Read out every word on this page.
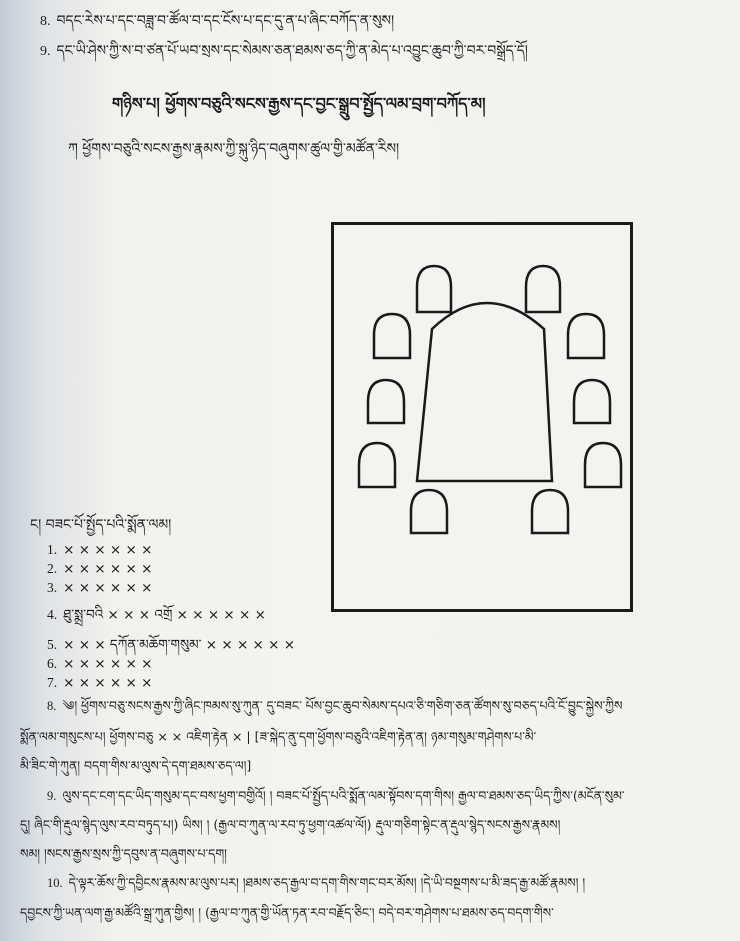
8. བདང་རེས་པ་དང་བཟླ་བ་ཚོལ་བ་དང་ངོས་པ་དང་དུ་ན་པ་ཞིང་བཀོད་ན་སུས།
9. དང་ཡི་ཤེས་ཀྱི་ས་བ་ཙན་པོ་ཡབ་སྲས་དང་སེམས་ཅན་ཐམས་ཅད་ཀྱི་ན་མེད་པ་འབྱུང་ཆུབ་ཀྱི་བར་བསྒྲོད་དོ།
གཉིས་པ། ཕྱོགས་བཅུའི་སངས་རྒྱས་དང་བྱང་སྒྲུབ་སྤྱོད་ལམ་བྲག་བཀོད་མ།
ཀ ཕྱོགས་བཅུའི་སངས་རྒྱས་རྣམས་ཀྱི་སྐུ་ཉིད་བཞུགས་ཚུལ་གྱི་མཚོན་རིས།
ང། བཟང་པོ་སྤྱོད་པའི་སྨོན་ལམ།
1. × × × × × ×
2. × × × × × ×
3. × × × × × ×
4. ཐུ་སྨྲ་བའི × × × འགྲོ × × × × × ×
5. × × × དཀོན་མཆོག་གསུམ་ × × × × × ×
6. × × × × × ×
7. × × × × × ×
8. ༄། ཕྱོགས་བཅུ་སངས་རྒྱས་ཀྱི་ཞིང་ཁམས་སུ་ཀུན་ དུ་བཟང་ པོས་བྱང་ཆུབ་སེམས་དཔའ་ཅི་གཅིག་ཅན་ཚོགས་སུ་བཅད་པའི་ངོ་བྱུང་སྐྱེས་ཀྱིས
སྨོན་ལམ་གསུངས་པ། ཕྱོགས་བཅུ × × འཇིག་རྟེན × | [ཟ་སྐེད་ནུ་དག་ཕྱོགས་བཅུའི་འཇིག་རྟེན་ན། ཉམ་གསུམ་གཤེགས་པ་མི་
མི་ཟིང་གེ་ཀུན། བདག་གིས་མ་ལུས་དེ་དག་ཐམས་ཅད་ལ།]
9. ལུས་དང་ངག་དང་ཡིད་གསུམ་དང་བས་ཕྱག་བགྱིའོ། ། བཟང་པོ་སྤྱོད་པའི་སྨོན་ལམ་སྟོབས་དག་གིས། རྒྱལ་བ་ཐམས་ཅད་ཡིད་ཀྱིས་(མངོན་སུམ་
དུ། ཞིང་གི་རྡུལ་སྙེད་ལུས་རབ་བཏུད་པ།) ཡིས། ། (རྒྱལ་བ་ཀུན་ལ་རབ་ཏུ་ཕྱག་འཚལ་ལོ།) རྡུལ་གཅིག་སྟེང་ན་རྡུལ་སྙེད་སངས་རྒྱས་རྣམས།
སམ། །སངས་རྒྱས་སྲས་ཀྱི་དབུས་ན་བཞུགས་པ་དག།
10. དེ་ལྟར་ཆོས་ཀྱི་དབྱིངས་རྣམས་མ་ལུས་པར། །ཐམས་ཅད་རྒྱལ་བ་དག་གིས་གང་བར་མོས། །དེ་ཡི་བསྔགས་པ་མི་ཟད་རྒྱ་མཚོ་རྣམས། །
དབྱངས་ཀྱི་ཡན་ལག་རྒྱ་མཚོའི་སྒྲ་ཀུན་གྱིས། ། (རྒྱལ་བ་ཀུན་གྱི་ཡོན་ཏན་རབ་བརྗོད་ཅིང་། བདེ་བར་གཤེགས་པ་ཐམས་ཅད་བདག་གིས་
